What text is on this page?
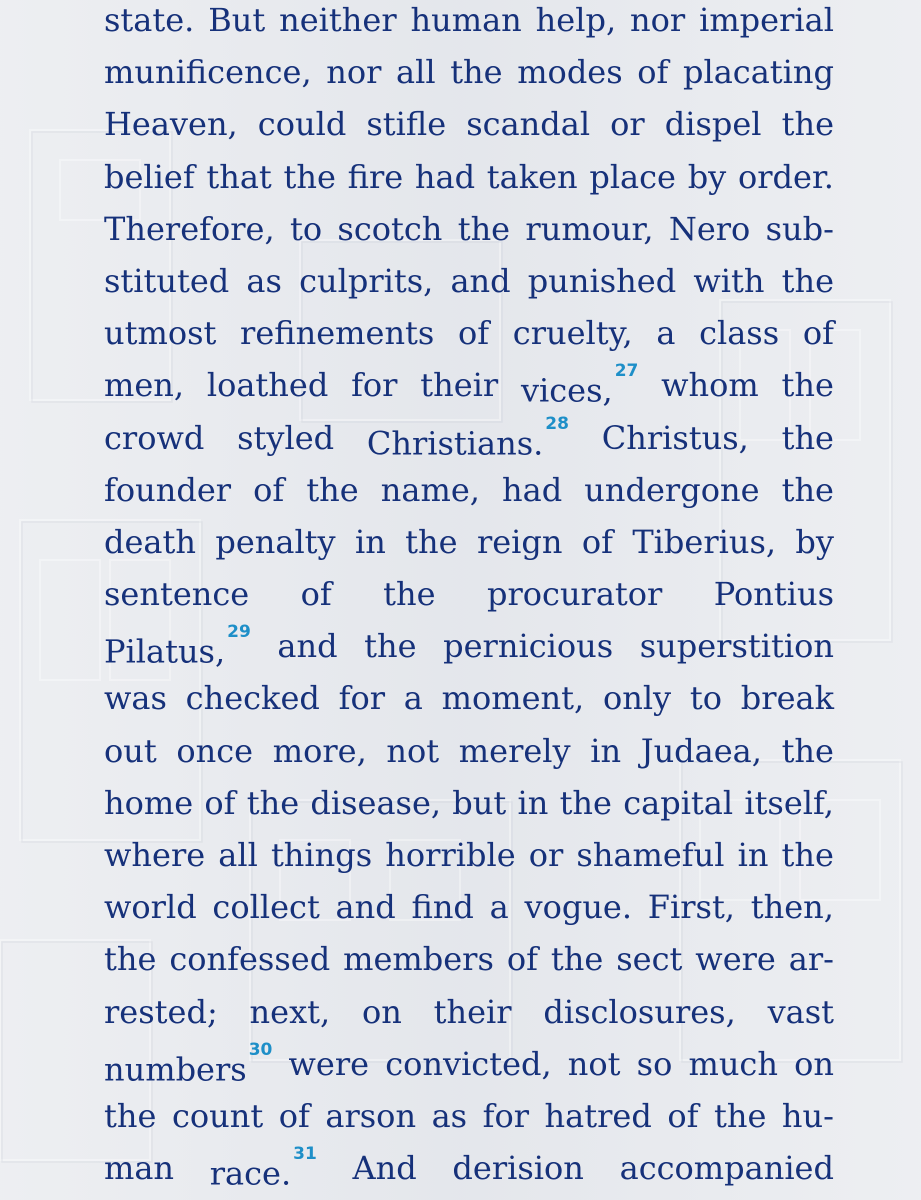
state. But neither human help, nor imperial
munificence, nor all the modes of placating
Heaven, could stifle scandal or dispel the
belief that the fire had taken place by order.
Therefore, to scotch the rumour, Nero sub-
stituted as culprits, and punished with the
utmost refinements of cruelty, a class of
men, loathed for their vices,$^{27}$ whom the
crowd styled Christians.$^{28}$ Christus, the
founder of the name, had undergone the
death penalty in the reign of Tiberius, by
sentence of the procurator Pontius
Pilatus,$^{29}$ and the pernicious superstition
was checked for a moment, only to break
out once more, not merely in Judaea, the
home of the disease, but in the capital itself,
where all things horrible or shameful in the
world collect and find a vogue. First, then,
the confessed members of the sect were ar-
rested; next, on their disclosures, vast
numbers$^{30}$ were convicted, not so much on
the count of arson as for hatred of the hu-
man race.$^{31}$ And derision accompanied
